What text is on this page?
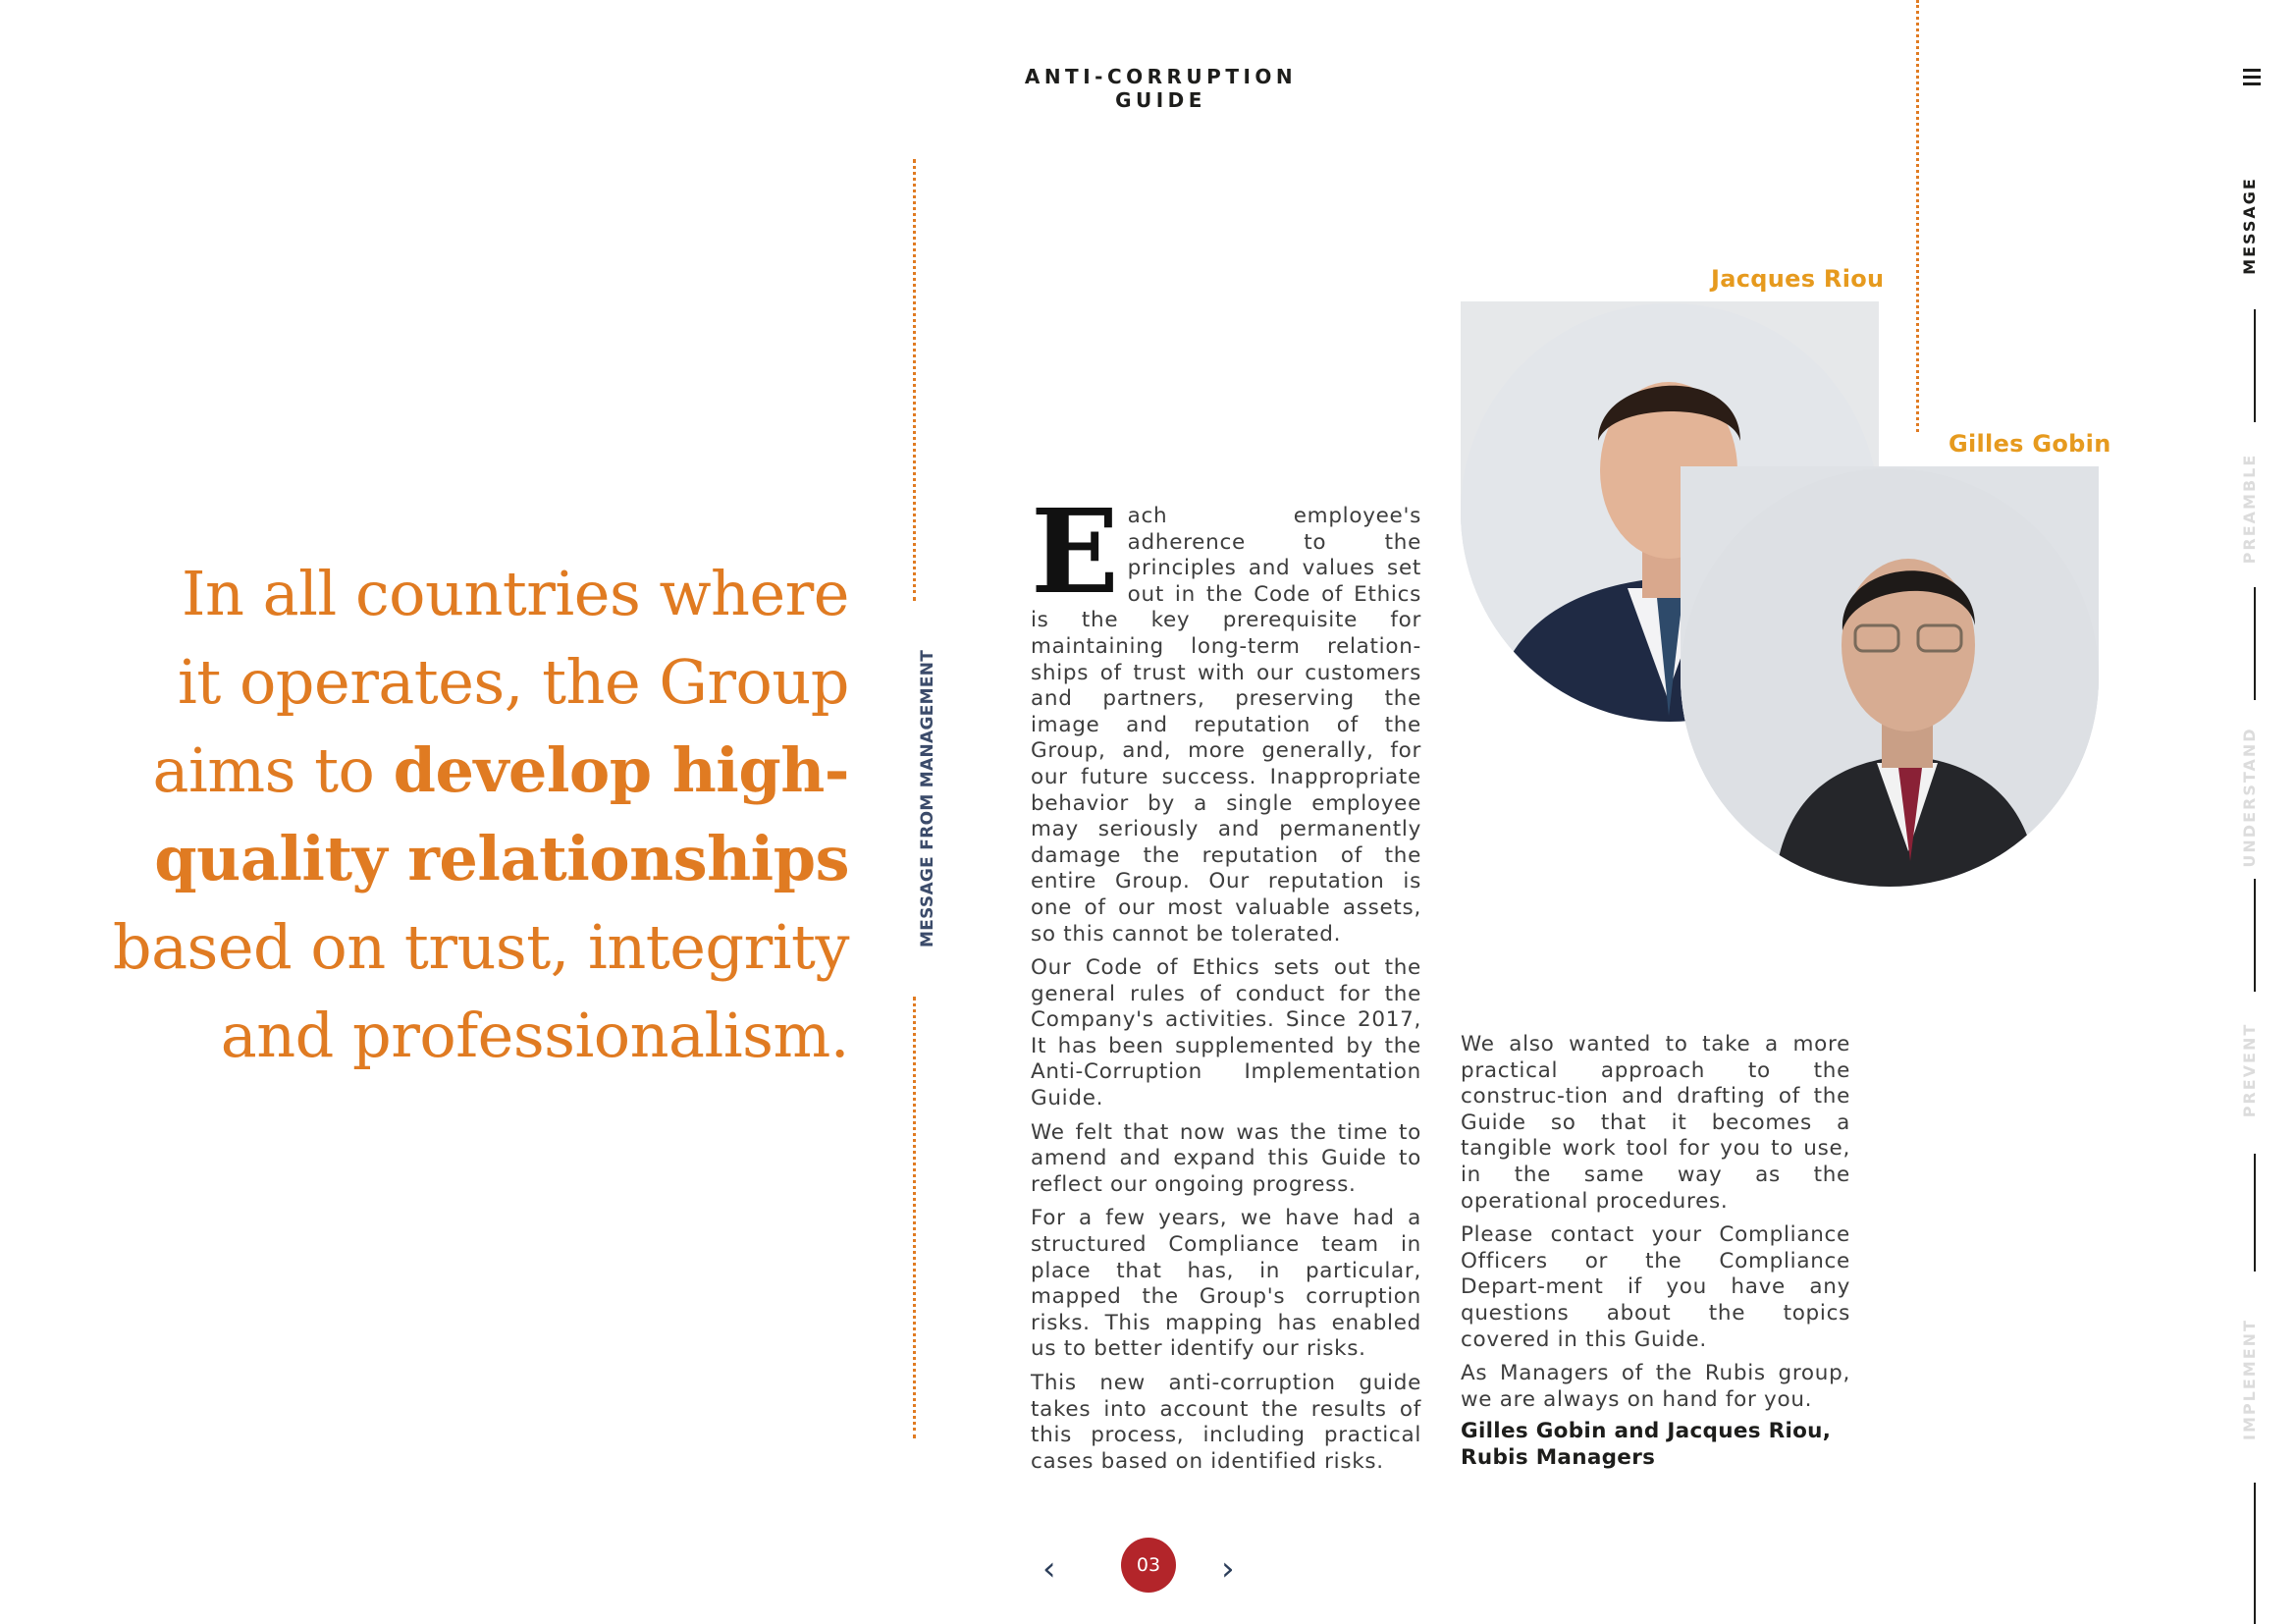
ANTI-CORRUPTION GUIDE
In all countries where
it operates, the Group
aims to develop high-
quality relationships
based on trust, integrity
and professionalism.
MESSAGE FROM MANAGEMENT

Each employee's adherence to the principles and values set out in the Code of Ethics is the key prerequisite for maintaining long-term relation-ships of trust with our customers and partners, preserving the image and reputation of the Group, and, more generally, for our future success. Inappropriate behavior by a single employee may seriously and permanently damage the reputation of the entire Group. Our reputation is one of our most valuable assets, so this cannot be tolerated.

Our Code of Ethics sets out the general rules of conduct for the Company's activities. Since 2017, It has been supplemented by the Anti-Corruption Implementation Guide.

We felt that now was the time to amend and expand this Guide to reflect our ongoing progress.

For a few years, we have had a structured Compliance team in place that has, in particular, mapped the Group's corruption risks. This mapping has enabled us to better identify our risks.

This new anti-corruption guide takes into account the results of this process, including practical cases based on identified risks.

We also wanted to take a more practical approach to the construc-tion and drafting of the Guide so that it becomes a tangible work tool for you to use, in the same way as the operational procedures.

Please contact your Compliance Officers or the Compliance Depart-ment if you have any questions about the topics covered in this Guide.

As Managers of the Rubis group, we are always on hand for you.

Gilles Gobin and Jacques Riou,
Rubis Managers
Jacques Riou
Gilles Gobin
‹	03	›
MESSAGE
PREAMBLE
UNDERSTAND
PREVENT
IMPLEMENT
